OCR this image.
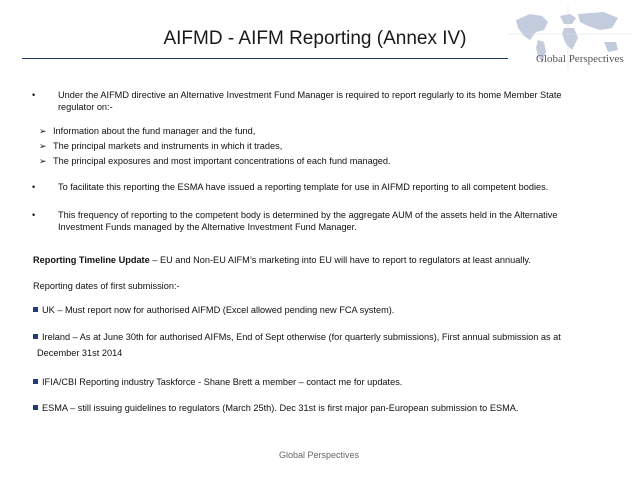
AIFMD - AIFM Reporting (Annex IV)
Global Perspectives
• Under the AIFMD directive an Alternative Investment Fund Manager is required to report regularly to its home Member State regulator on:-
➢ Information about the fund manager and the fund,
➢ The principal markets and instruments in which it trades,
➢ The principal exposures and most important concentrations of each fund managed.
• To facilitate this reporting the ESMA have issued a reporting template for use in AIFMD reporting to all competent bodies.
• This frequency of reporting to the competent body is determined by the aggregate AUM of the assets held in the Alternative Investment Funds managed by the Alternative Investment Fund Manager.
Reporting Timeline Update – EU and Non-EU AIFM’s marketing into EU will have to report to regulators at least annually.
Reporting dates of first submission:-
UK – Must report now for authorised AIFMD (Excel allowed pending new FCA system).
Ireland – As at June 30th for authorised AIFMs, End of Sept otherwise (for quarterly submissions), First annual submission as at
December 31st 2014
IFIA/CBI Reporting industry Taskforce - Shane Brett a member – contact me for updates.
ESMA – still issuing guidelines to regulators (March 25th). Dec 31st is first major pan-European submission to ESMA.
Global Perspectives
